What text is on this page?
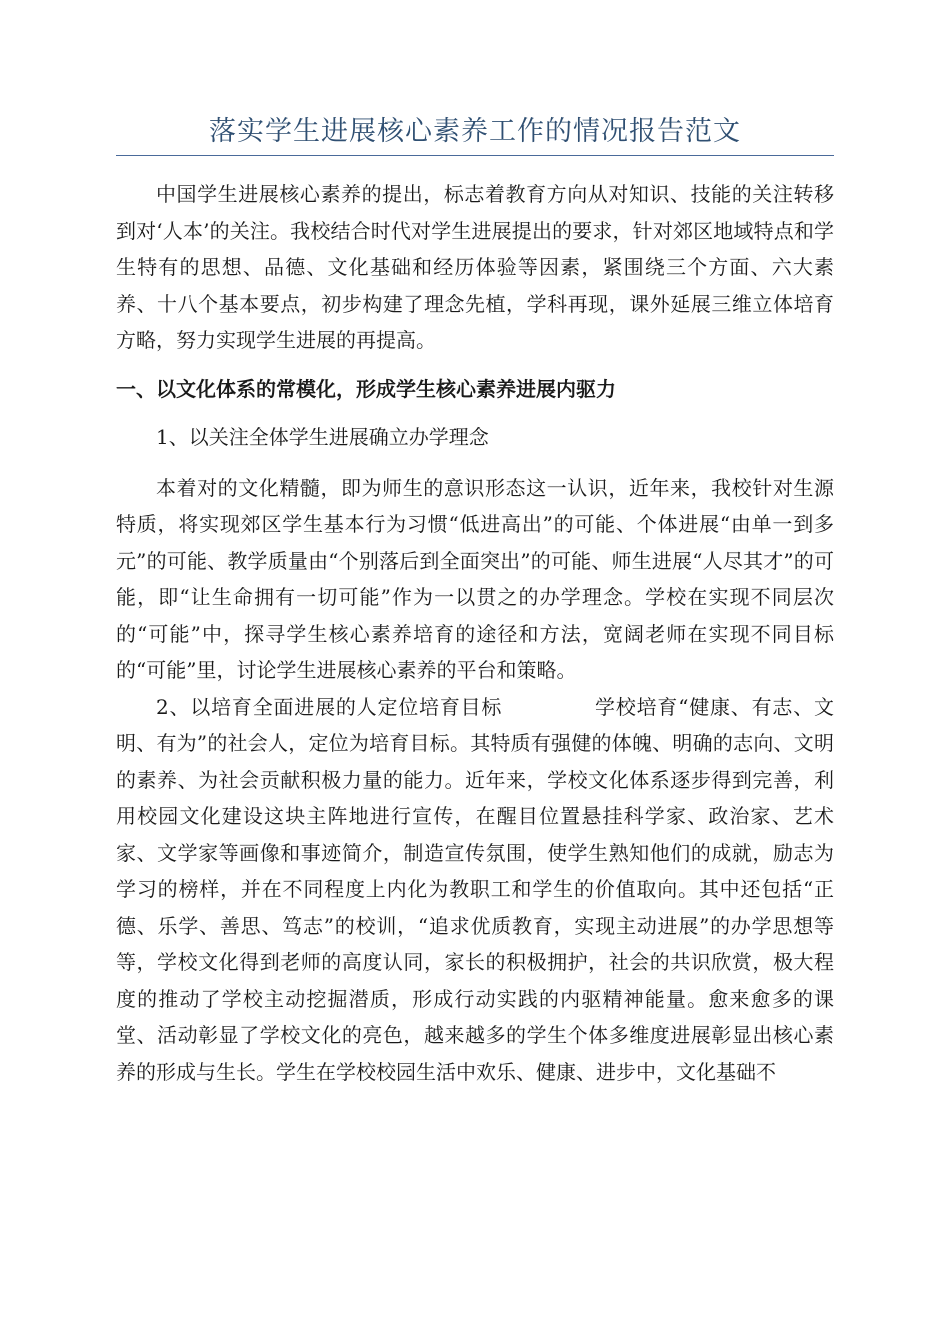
落实学生进展核心素养工作的情况报告范文

中国学生进展核心素养的提出，标志着教育方向从对知识、技能的关注转移到对‘人本’的关注。我校结合时代对学生进展提出的要求，针对郊区地域特点和学生特有的思想、品德、文化基础和经历体验等因素，紧围绕三个方面、六大素养、十八个基本要点，初步构建了理念先植，学科再现，课外延展三维立体培育方略，努力实现学生进展的再提高。

一、以文化体系的常模化，形成学生核心素养进展内驱力

1、以关注全体学生进展确立办学理念

本着对的文化精髓，即为师生的意识形态这一认识，近年来，我校针对生源特质，将实现郊区学生基本行为习惯“低进高出”的可能、个体进展“由单一到多元”的可能、教学质量由“个别落后到全面突出”的可能、师生进展“人尽其才”的可能，即“让生命拥有一切可能”作为一以贯之的办学理念。学校在实现不同层次的“可能”中，探寻学生核心素养培育的途径和方法，宽阔老师在实现不同目标的“可能”里，讨论学生进展核心素养的平台和策略。

2、以培育全面进展的人定位培育目标	学校培育“健康、有志、文明、有为”的社会人，定位为培育目标。其特质有强健的体魄、明确的志向、文明的素养、为社会贡献积极力量的能力。近年来，学校文化体系逐步得到完善，利用校园文化建设这块主阵地进行宣传，在醒目位置悬挂科学家、政治家、艺术家、文学家等画像和事迹简介，制造宣传氛围，使学生熟知他们的成就，励志为学习的榜样，并在不同程度上内化为教职工和学生的价值取向。其中还包括“正德、乐学、善思、笃志”的校训，“追求优质教育，实现主动进展”的办学思想等等，学校文化得到老师的高度认同，家长的积极拥护，社会的共识欣赏，极大程度的推动了学校主动挖掘潜质，形成行动实践的内驱精神能量。愈来愈多的课堂、活动彰显了学校文化的亮色，越来越多的学生个体多维度进展彰显出核心素养的形成与生长。学生在学校校园生活中欢乐、健康、进步中，文化基础不
